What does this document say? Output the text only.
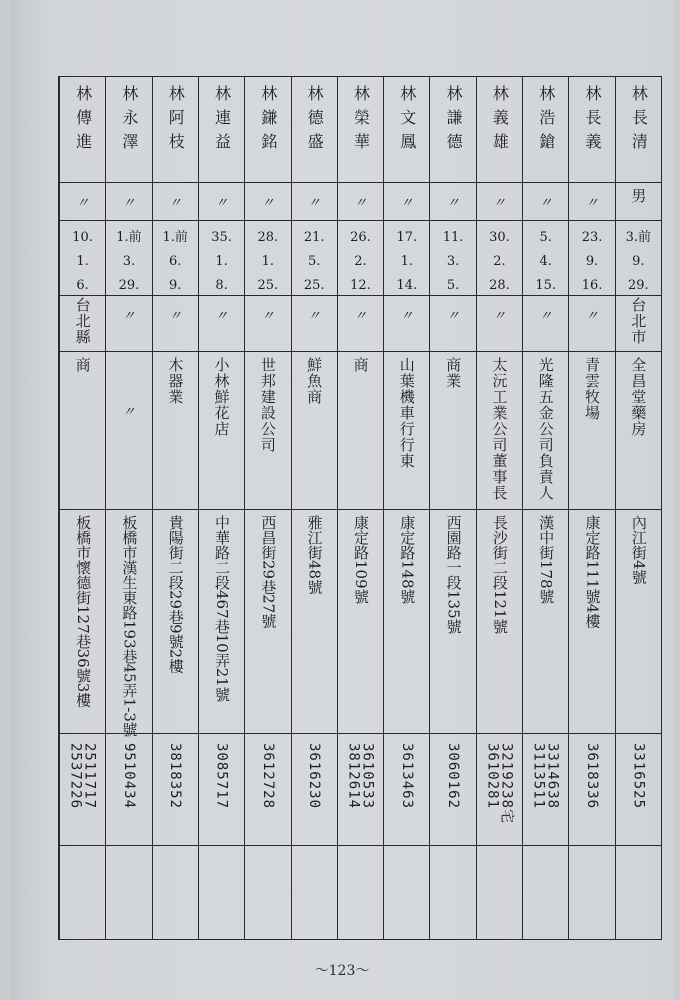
林長清
男
3.前
9.
29.
台北市
全昌堂藥房
內江街4號
3316525
林長義
〃
23.
9.
16.
〃
青雲牧場
康定路111號4樓
3618336
林浩鎗
〃
5.
4.
15.
〃
光隆五金公司負責人
漢中街178號
3314638
3113511
林義雄
〃
30.
2.
28.
〃
太沅工業公司董事長
長沙街二段121號
3219238宅
3610281
林謙德
〃
11.
3.
5.
〃
商業
西園路一段135號
3060162
林文鳳
〃
17.
1.
14.
〃
山葉機車行行東
康定路148號
3613463
林榮華
〃
26.
2.
12.
〃
商
康定路109號
3610533
3812614
林德盛
〃
21.
5.
25.
〃
鮮魚商
雅江街48號
3616230
林鎌銘
〃
28.
1.
25.
〃
世邦建設公司
西昌街29巷27號
3612728
林連益
〃
35.
1.
8.
〃
小林鮮花店
中華路二段467巷10弄21號
3085717
林阿枝
〃
1.前
6.
9.
〃
木器業
貴陽街二段29巷9號2樓
3818352
林永澤
〃
1.前
3.
29.
〃
〃
板橋市漢生東路193巷45弄1-3號
9510434
林傳進
〃
10.
1.
6.
台北縣
商
板橋市懷德街127巷36號3樓
2511717
2537226
～123～
